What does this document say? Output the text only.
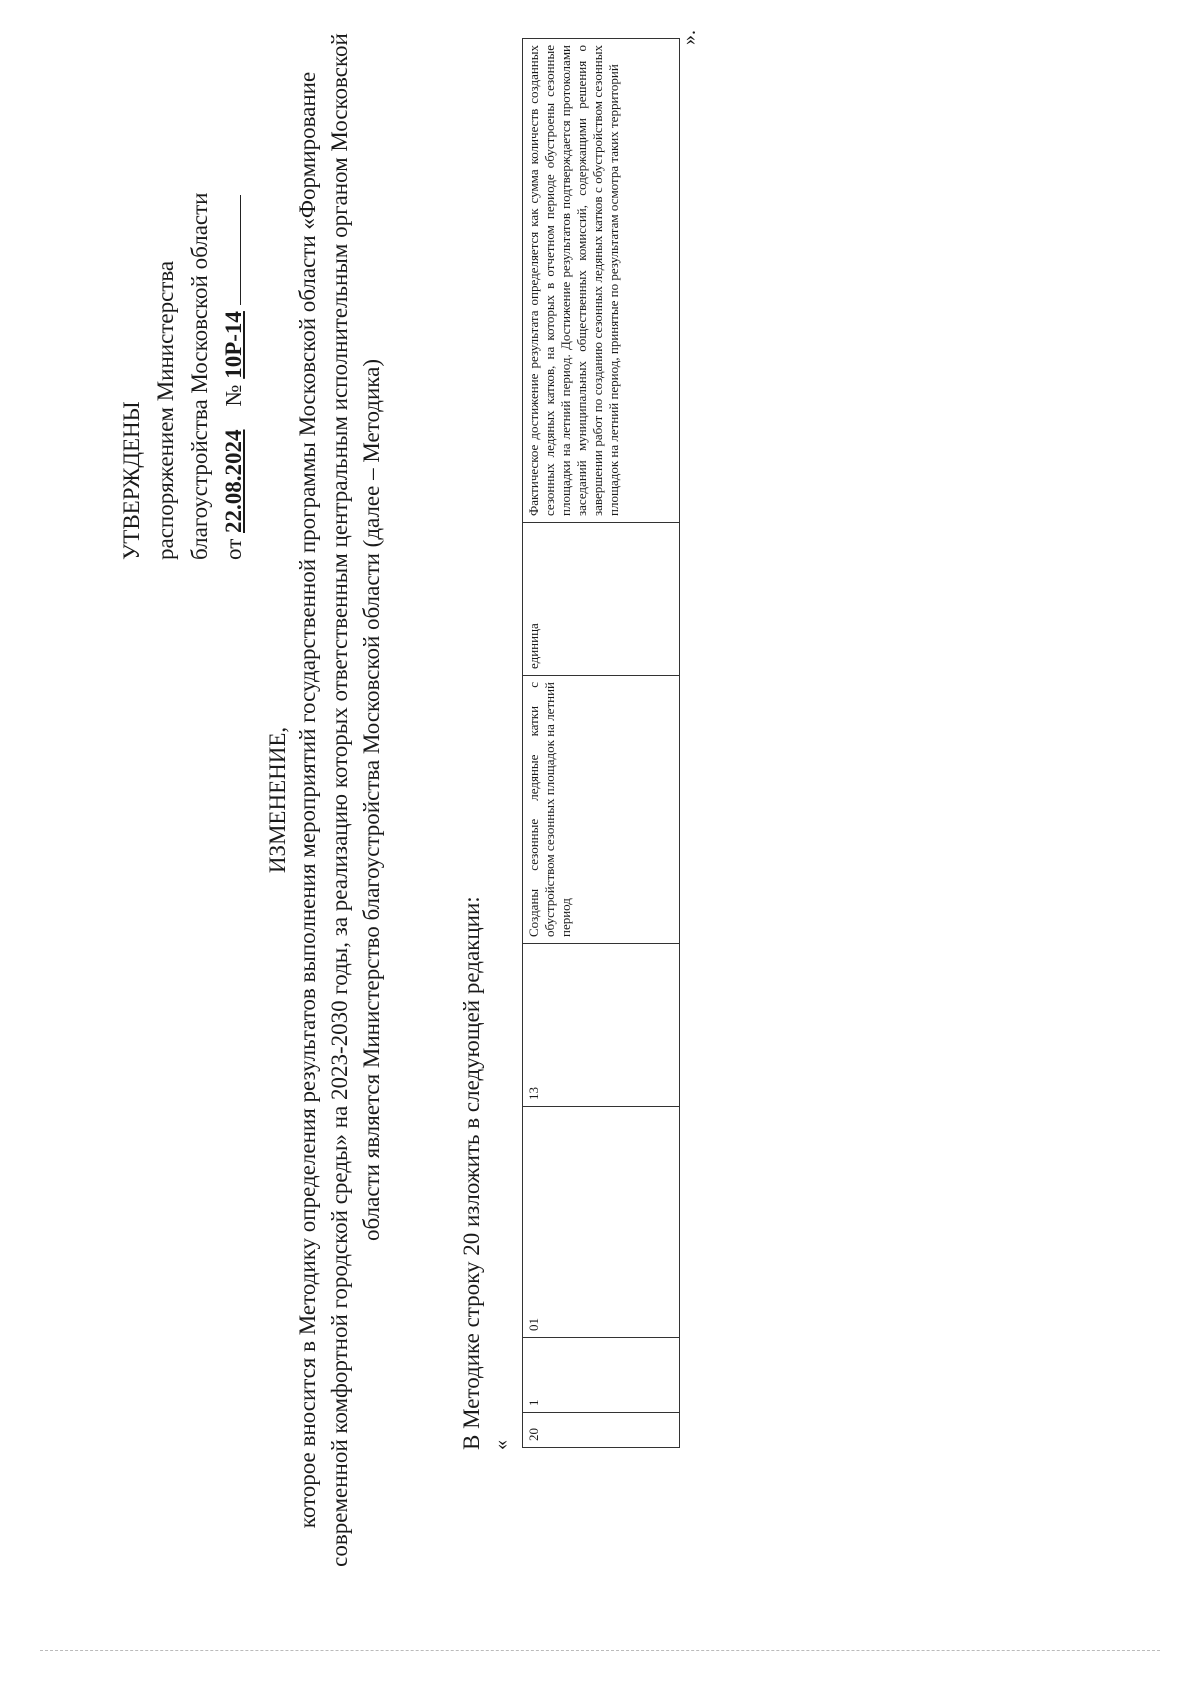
УТВЕРЖДЕНЫ распоряжением Министерства благоустройства Московской области от 22.08.2024    № 10Р-14
ИЗМЕНЕНИЕ, которое вносится в Методику определения результатов выполнения мероприятий государственной программы Московской области «Формирование современной комфортной городской среды» на 2023-2030 годы, за реализацию которых ответственным центральным исполнительным органом Московской области является Министерство благоустройства Московской области (далее – Методика)	В Методике строку 20 изложить в следующей редакции: «
20	1	01	13	Созданы сезонные ледяные катки с обустройством сезонных площадок на летний период	единица	Фактическое достижение результата определяется как сумма количеств созданных сезонных ледяных катков, на которых в отчетном периоде обустроены сезонные площадки на летний период. Достижение результатов подтверждается протоколами заседаний муниципальных общественных комиссий, содержащими решения о завершении работ по созданию сезонных ледяных катков с обустройством сезонных площадок на летний период, принятые по результатам осмотра таких территорий
».
